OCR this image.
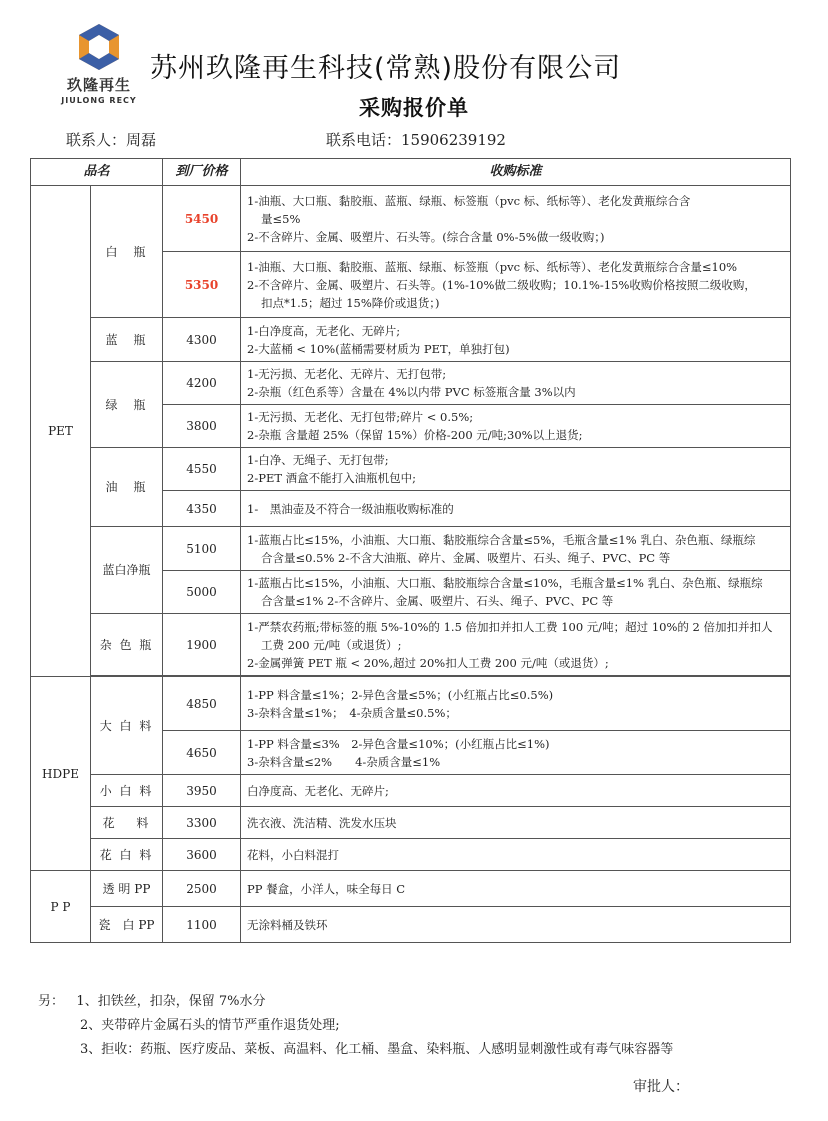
玖隆再生
JIULONG RECY
苏州玖隆再生科技(常熟)股份有限公司
采购报价单
联系人：周磊	联系电话：15906239192
品名		到厂价格	收购标准
PET	白　瓶	5450	1-油瓶、大口瓶、黏胶瓶、蓝瓶、绿瓶、标签瓶（pvc 标、纸标等）、老化发黄瓶综合含
量≤5%
2-不含碎片、金属、吸塑片、石头等。(综合含量 0%-5%做一级收购；)

		5350	1-油瓶、大口瓶、黏胶瓶、蓝瓶、绿瓶、标签瓶（pvc 标、纸标等）、老化发黄瓶综合含量≤10%
2-不含碎片、金属、吸塑片、石头等。(1%-10%做二级收购；10.1%-15%收购价格按照二级收购，
扣点*1.5；超过 15%降价或退货；)

	蓝　瓶	4300	1-白净度高，无老化、无碎片;
2-大蓝桶 < 10%(蓝桶需要材质为 PET，单独打包)

	绿　瓶	4200	1-无污损、无老化、无碎片、无打包带;
2-杂瓶（红色系等）含量在 4%以内带 PVC 标签瓶含量 3%以内

		3800	1-无污损、无老化、无打包带;碎片 < 0.5%;
2-杂瓶 含量超 25%（保留 15%）价格-200 元/吨;30%以上退货;

	油　瓶	4550	1-白净、无绳子、无打包带;
2-PET 酒盒不能打入油瓶机包中;

		4350	1-　黑油壶及不符合一级油瓶收购标准的

	蓝白净瓶	5100	1-蓝瓶占比≤15%，小油瓶、大口瓶、黏胶瓶综合含量≤5%，毛瓶含量≤1% 乳白、杂色瓶、绿瓶综
合含量≤0.5% 2-不含大油瓶、碎片、金属、吸塑片、石头、绳子、PVC、PC 等

		5000	1-蓝瓶占比≤15%，小油瓶、大口瓶、黏胶瓶综合含量≤10%，毛瓶含量≤1% 乳白、杂色瓶、绿瓶综
合含量≤1% 2-不含碎片、金属、吸塑片、石头、绳子、PVC、PC 等

	杂 色 瓶	1900	1-严禁农药瓶;带标签的瓶 5%-10%的 1.5 倍加扣并扣人工费 100 元/吨；超过 10%的 2 倍加扣并扣人
工费 200 元/吨（或退货）;
2-金属弹簧 PET 瓶 < 20%,超过 20%扣人工费 200 元/吨（或退货）;

HDPE	大 白 料	4850	1-PP 料含量≤1%；2-异色含量≤5%；(小红瓶占比≤0.5%)
3-杂料含量≤1%；　4-杂质含量≤0.5%；

		4650	1-PP 料含量≤3%　2-异色含量≤10%；(小红瓶占比≤1%)
3-杂料含量≤2%　　4-杂质含量≤1%

	小 白 料	3950	白净度高、无老化、无碎片;

	花　 料	3300	洗衣液、洗洁精、洗发水压块

	花 白 料	3600	花料，小白料混打

P P	透 明 PP	2500	PP 餐盒，小洋人，味全每日 C

	瓷　白 PP	1100	无涂料桶及铁环
另： 1、扣铁丝，扣杂，保留 7%水分
2、夹带碎片金属石头的情节严重作退货处理;
3、拒收：药瓶、医疗废品、菜板、高温料、化工桶、墨盒、染料瓶、人感明显刺激性或有毒气味容器等
审批人：
